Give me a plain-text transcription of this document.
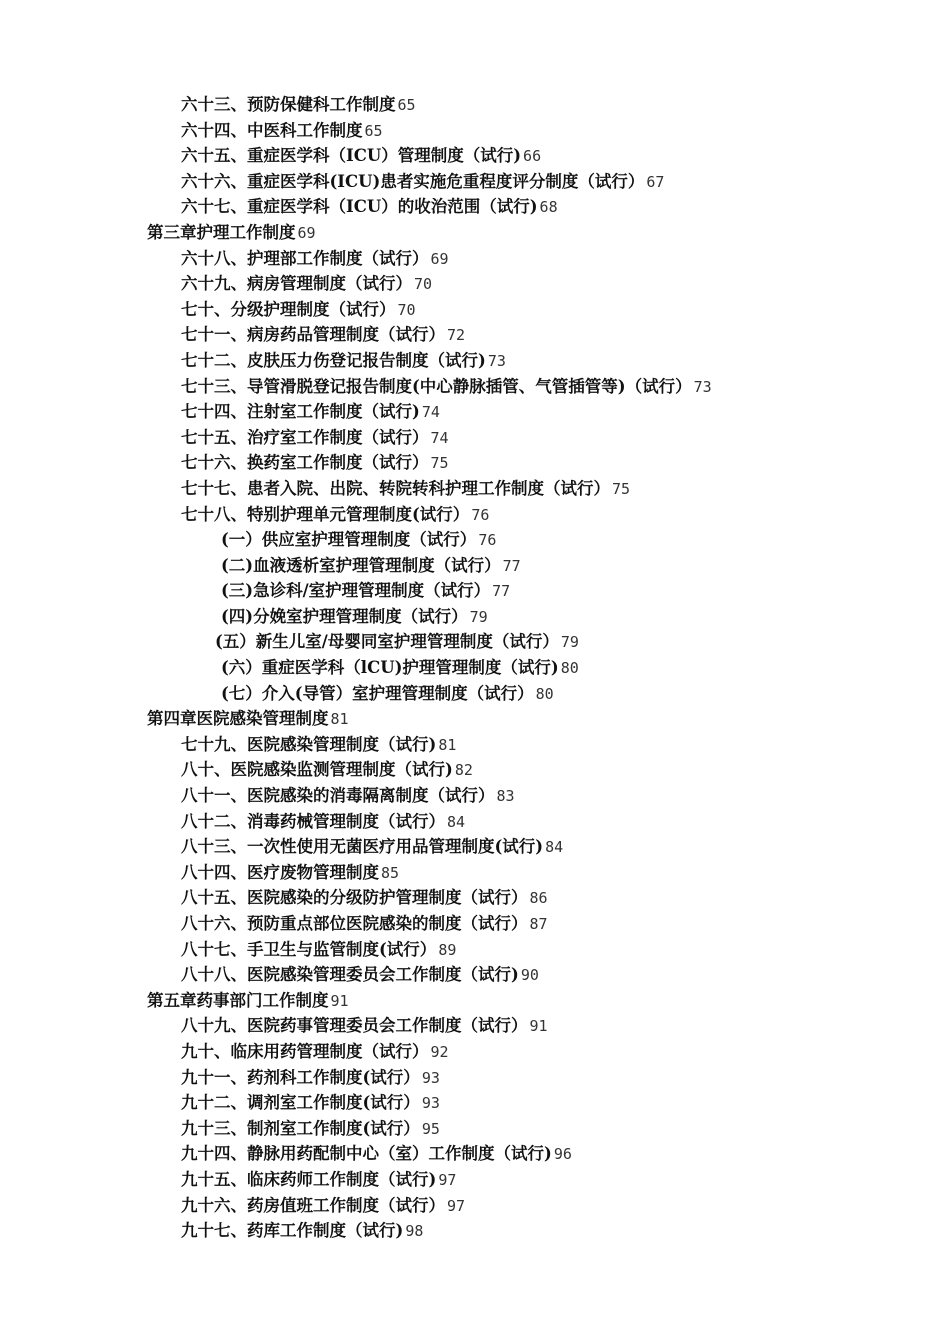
六十三、预防保健科工作制度 65
六十四、中医科工作制度 65
六十五、重症医学科（ICU）管理制度（试行) 66
六十六、重症医学科(ICU)患者实施危重程度评分制度（试行） 67
六十七、重症医学科（ICU）的收治范围（试行) 68
第三章护理工作制度 69
六十八、护理部工作制度（试行） 69
六十九、病房管理制度（试行） 70
七十、分级护理制度（试行） 70
七十一、病房药品管理制度（试行） 72
七十二、皮肤压力伤登记报告制度（试行) 73
七十三、导管滑脱登记报告制度(中心静脉插管、气管插管等)（试行） 73
七十四、注射室工作制度（试行) 74
七十五、治疗室工作制度（试行） 74
七十六、换药室工作制度（试行） 75
七十七、患者入院、出院、转院转科护理工作制度（试行） 75
七十八、特别护理单元管理制度(试行） 76
(一）供应室护理管理制度（试行） 76
(二)血液透析室护理管理制度（试行） 77
(三)急诊科/室护理管理制度（试行） 77
(四)分娩室护理管理制度（试行） 79
(五）新生儿室/母婴同室护理管理制度（试行） 79
(六）重症医学科（lCU)护理管理制度（试行) 80
(七）介入(导管）室护理管理制度（试行） 80
第四章医院感染管理制度 81
七十九、医院感染管理制度（试行) 81
八十、医院感染监测管理制度（试行) 82
八十一、医院感染的消毒隔离制度（试行） 83
八十二、消毒药械管理制度（试行） 84
八十三、一次性使用无菌医疗用品管理制度(试行) 84
八十四、医疗废物管理制度 85
八十五、医院感染的分级防护管理制度（试行） 86
八十六、预防重点部位医院感染的制度（试行） 87
八十七、手卫生与监管制度(试行） 89
八十八、医院感染管理委员会工作制度（试行) 90
第五章药事部门工作制度 91
八十九、医院药事管理委员会工作制度（试行） 91
九十、临床用药管理制度（试行） 92
九十一、药剂科工作制度(试行） 93
九十二、调剂室工作制度(试行） 93
九十三、制剂室工作制度(试行） 95
九十四、静脉用药配制中心（室）工作制度（试行) 96
九十五、临床药师工作制度（试行) 97
九十六、药房值班工作制度（试行） 97
九十七、药库工作制度（试行) 98
